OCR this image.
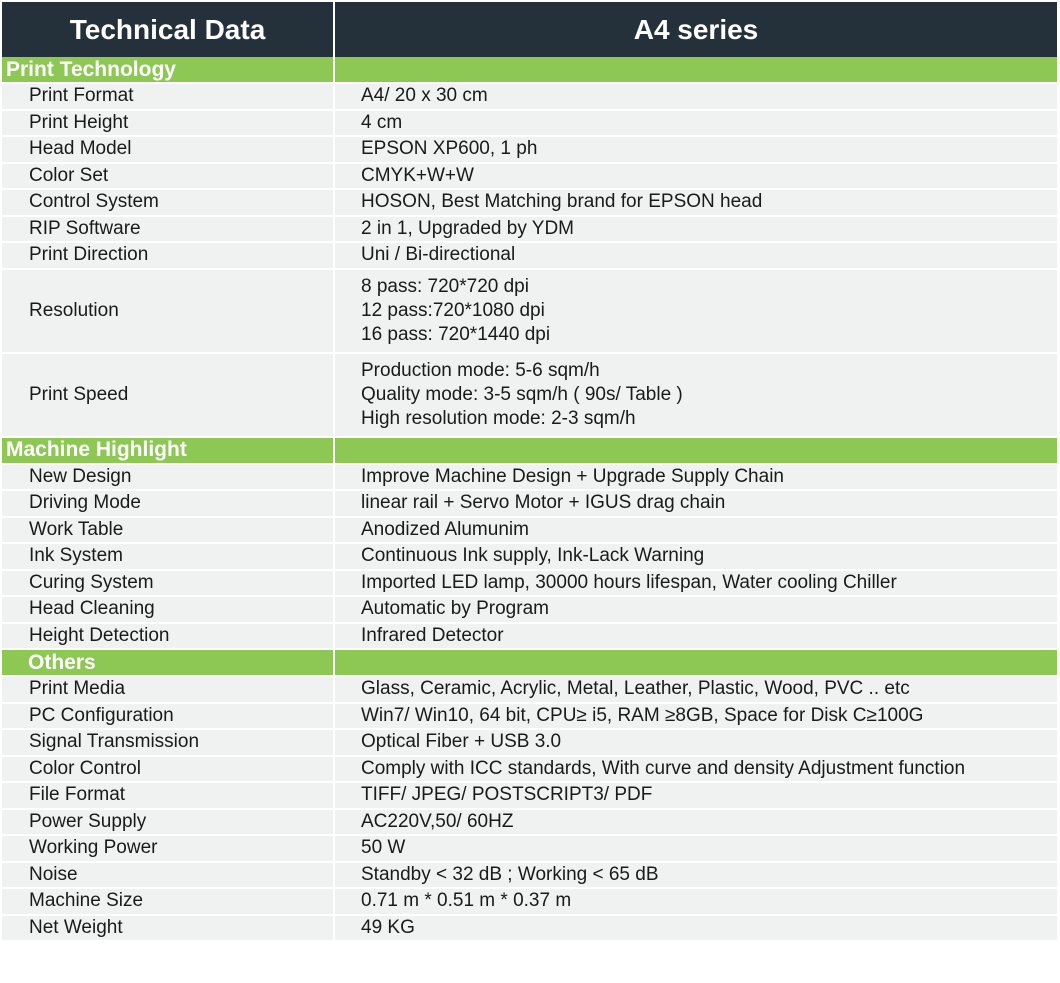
Technical Data	A4 series
Print Technology	
Print Format	A4/ 20 x 30 cm
Print Height	4 cm
Head Model	EPSON XP600, 1 ph
Color Set	CMYK+W+W
Control System	HOSON, Best Matching brand for EPSON head
RIP Software	2 in 1, Upgraded by YDM
Print Direction	Uni / Bi-directional
Resolution	8 pass: 720*720 dpi
12 pass:720*1080 dpi
16 pass: 720*1440 dpi

Print Speed	Production mode: 5-6 sqm/h
Quality mode: 3-5 sqm/h ( 90s/ Table )
High resolution mode: 2-3 sqm/h

Machine Highlight	
New Design	Improve Machine Design + Upgrade Supply Chain
Driving Mode	linear rail + Servo Motor + IGUS drag chain
Work Table	Anodized Alumunim
Ink System	Continuous Ink supply, Ink-Lack Warning
Curing System	Imported LED lamp, 30000 hours lifespan, Water cooling Chiller
Head Cleaning	Automatic by Program
Height Detection	Infrared Detector
Others	
Print Media	Glass, Ceramic, Acrylic, Metal, Leather, Plastic, Wood, PVC .. etc
PC Configuration	Win7/ Win10, 64 bit, CPU≥ i5, RAM ≥8GB, Space for Disk C≥100G
Signal Transmission	Optical Fiber + USB 3.0
Color Control	Comply with ICC standards, With curve and density Adjustment function
File Format	TIFF/ JPEG/ POSTSCRIPT3/ PDF
Power Supply	AC220V,50/ 60HZ
Working Power	50 W
Noise	Standby < 32 dB ; Working < 65 dB
Machine Size	0.71 m * 0.51 m * 0.37 m
Net Weight	49 KG
